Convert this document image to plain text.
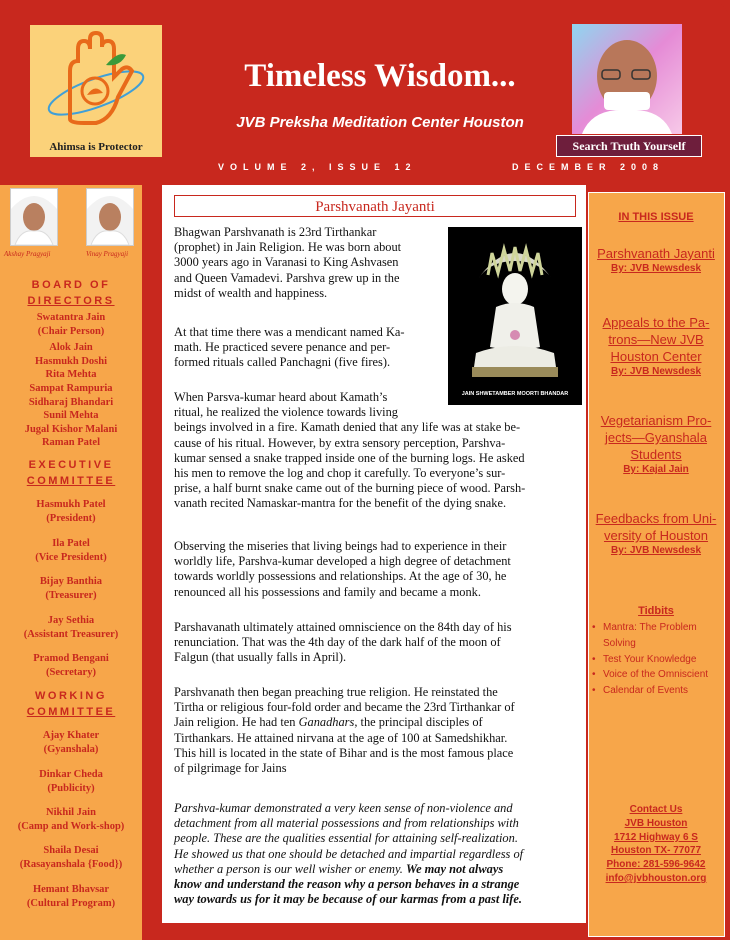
Ahimsa is Protector
Timeless Wisdom...
JVB Preksha Meditation Center Houston
Search Truth Yourself
VOLUME 2, ISSUE 12	DECEMBER 2008
Akshay Pragyaji	Vinay Pragyaji
BOARD OF
DIRECTORS
Swatantra Jain
(Chair Person)
Alok Jain
Hasmukh Doshi
Rita Mehta
Sampat Rampuria
Sidharaj Bhandari
Sunil Mehta
Jugal Kishor Malani
Raman Patel
EXECUTIVE
COMMITTEE
Hasmukh Patel
(President)
Ila Patel
(Vice President)
Bijay Banthia
(Treasurer)
Jay Sethia
(Assistant Treasurer)
Pramod Bengani
(Secretary)
WORKING
COMMITTEE
Ajay Khater
(Gyanshala)
Dinkar Cheda
(Publicity)
Nikhil Jain
(Camp and Work-shop)
Shaila Desai
(Rasayanshala {Food})
Hemant Bhavsar
(Cultural Program)
Parshvanath Jayanti
JAIN SHWETAMBER MOORTI BHANDAR
Bhagwan Parshvanath is 23rd Tirthankar
(prophet) in Jain Religion. He was born about
3000 years ago in Varanasi to King Ashvasen
and Queen Vamadevi. Parshva grew up in the
midst of wealth and happiness.
At that time there was a mendicant named Ka-
math. He practiced severe penance and per-
formed rituals called Panchagni (five fires).
When Parsva-kumar heard about Kamath’s
ritual, he realized the violence towards living
beings involved in a fire. Kamath denied that any life was at stake be-
cause of his ritual. However, by extra sensory perception, Parshva-
kumar sensed a snake trapped inside one of the burning logs. He asked
his men to remove the log and chop it carefully. To everyone’s sur-
prise, a half burnt snake came out of the burning piece of wood. Parsh-
vanath recited Namaskar-mantra for the benefit of the dying snake.
Observing the miseries that living beings had to experience in their
worldly life, Parshva-kumar developed a high degree of detachment
towards worldly possessions and relationships. At the age of 30, he
renounced all his possessions and family and became a monk.
Parshavanath ultimately attained omniscience on the 84th day of his
renunciation. That was the 4th day of the dark half of the moon of
Falgun (that usually falls in April).
Parshvanath then began preaching true religion. He reinstated the
Tirtha or religious four-fold order and became the 23rd Tirthankar of
Jain religion. He had ten Ganadhars, the principal disciples of
Tirthankars. He attained nirvana at the age of 100 at Samedshikhar.
This hill is located in the state of Bihar and is the most famous place
of pilgrimage for Jains
Parshva-kumar demonstrated a very keen sense of non-violence and
detachment from all material possessions and from relationships with
people. These are the qualities essential for attaining self-realization.
He showed us that one should be detached and impartial regardless of
whether a person is our well wisher or enemy. We may not always
know and understand the reason why a person behaves in a strange
way towards us for it may be because of our karmas from a past life.
IN THIS ISSUE
Parshvanath Jayanti
By: JVB Newsdesk
Appeals to the Pa-
trons—New JVB
Houston Center
By: JVB Newsdesk
Vegetarianism Pro-
jects—Gyanshala
Students
By: Kajal Jain
Feedbacks from Uni-
versity of Houston
By: JVB Newsdesk
Tidbits
• Mantra: The Problem
Solving
• Test Your Knowledge
• Voice of the Omniscient
• Calendar of Events
Contact Us
JVB Houston
1712 Highway 6 S
Houston TX- 77077
Phone: 281-596-9642
info@jvbhouston.org
